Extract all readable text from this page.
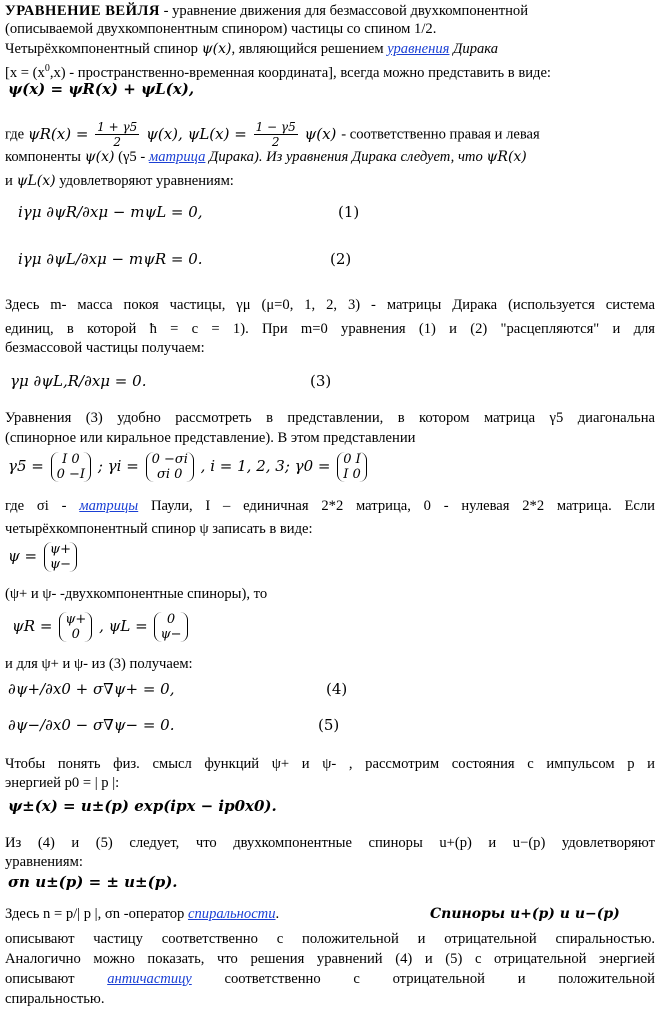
УРАВНЕНИЕ ВЕЙЛЯ - уравнение движения для безмассовой двухкомпонентной
(описываемой двухкомпонентным спинором) частицы со спином 1/2.
Четырёхкомпонентный спинор ψ(x), являющийся решением уравнения Дирака
[$x = (x^0,x)$ - пространственно-временная координата], всегда можно представить в виде:
ψ(x) = ψR(x) + ψL(x),
где $\psi R(x) = \frac{1 + \gamma 5}{2} \psi(x)$, $\psi L(x) = \frac{1 - \gamma 5}{2} \psi(x)$ - соответственно правая и левая
компоненты ψ(x) (γ5 - матрица Дирака). Из уравнения Дирака следует, что ψR(x)
и ψL(x) удовлетворяют уравнениям:
iγμ ∂ψR/∂xμ − mψL = 0,	(1)
iγμ ∂ψL/∂xμ − mψR = 0.	(2)
Здесь m- масса покоя частицы, γμ (μ=0, 1, 2, 3) - матрицы Дирака (используется система
единиц, в которой ħ = c = 1). При m=0 уравнения (1) и (2) "расцепляются" и для
безмассовой частицы получаем:
γμ ∂ψL,R/∂xμ = 0.	(3)
Уравнения (3) удобно рассмотреть в представлении, в котором матрица γ5 диагональна
(спинорное или киральное представление). В этом представлении
γ5 =	I 0
0 −I ; γi = 0 −σi
σi 0	, i = 1, 2, 3; γ0 = 0 I
I 0
где σi - матрицы Паули, I – единичная 2*2 матрица, 0 - нулевая 2*2 матрица. Если
четырёхкомпонентный спинор ψ записать в виде:
ψ = ψ+
ψ−
(ψ+ и ψ- -двухкомпонентные спиноры), то
ψR = ψ+
0	, ψL =	0
ψ−
и для ψ+ и ψ- из (3) получаем:
∂ψ+/∂x0 + σ∇ψ+ = 0,	(4)
∂ψ−/∂x0 − σ∇ψ− = 0.	(5)
Чтобы понять физ. смысл функций ψ+ и ψ- , рассмотрим состояния с импульсом p и
энергией p0 = | p |:
ψ±(x) = u±(p) exp(ipx − ip0x0).
Из (4) и (5) следует, что двухкомпонентные спиноры u+(p) и u−(p) удовлетворяют
уравнениям:
σn u±(p) = ± u±(p).
Здесь n = p/| p |, σn -оператор спиральности.	Спиноры u+(p) и u−(p)
описывают частицу соответственно с положительной и отрицательной спиральностью.
Аналогично можно показать, что решения уравнений (4) и (5) с отрицательной энергией
описывают античастицу соответственно с отрицательной и положительной
спиральностью.
